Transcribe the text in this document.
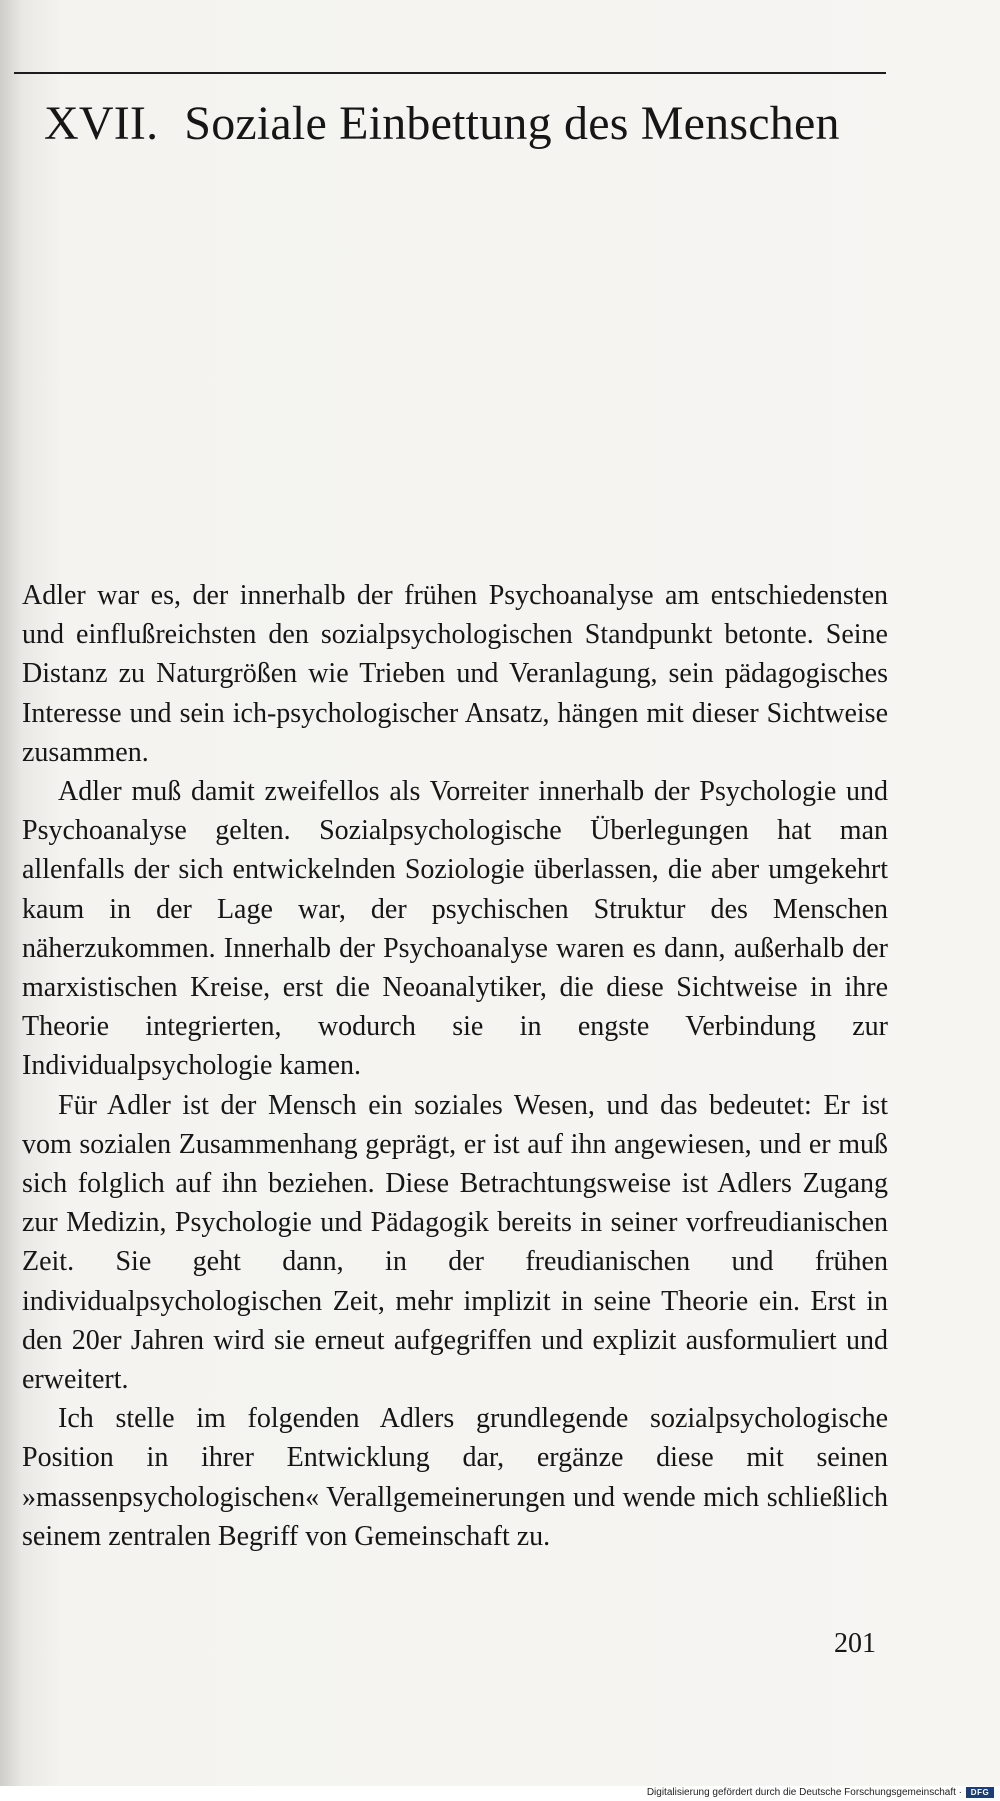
XVII. Soziale Einbettung des Menschen

Adler war es, der innerhalb der frühen Psychoanalyse am entschiedensten und einflußreichsten den sozialpsychologischen Standpunkt betonte. Seine Distanz zu Naturgrößen wie Trieben und Veranlagung, sein pädagogisches Interesse und sein ich-psychologischer Ansatz, hängen mit dieser Sichtweise zusammen.

Adler muß damit zweifellos als Vorreiter innerhalb der Psychologie und Psychoanalyse gelten. Sozialpsychologische Überlegungen hat man allenfalls der sich entwickelnden Soziologie überlassen, die aber umgekehrt kaum in der Lage war, der psychischen Struktur des Menschen näherzukommen. Innerhalb der Psychoanalyse waren es dann, außerhalb der marxistischen Kreise, erst die Neoanalytiker, die diese Sichtweise in ihre Theorie integrierten, wodurch sie in engste Verbindung zur Individualpsychologie kamen.

Für Adler ist der Mensch ein soziales Wesen, und das bedeutet: Er ist vom sozialen Zusammenhang geprägt, er ist auf ihn angewiesen, und er muß sich folglich auf ihn beziehen. Diese Betrachtungsweise ist Adlers Zugang zur Medizin, Psychologie und Pädagogik bereits in seiner vorfreudianischen Zeit. Sie geht dann, in der freudianischen und frühen individualpsychologischen Zeit, mehr implizit in seine Theorie ein. Erst in den 20er Jahren wird sie erneut aufgegriffen und explizit ausformuliert und erweitert.

Ich stelle im folgenden Adlers grundlegende sozialpsychologische Position in ihrer Entwicklung dar, ergänze diese mit seinen »massenpsychologischen« Verallgemeinerungen und wende mich schließlich seinem zentralen Begriff von Gemeinschaft zu.

201
Digitalisierung gefördert durch die Deutsche Forschungsgemeinschaft ·	DFG
